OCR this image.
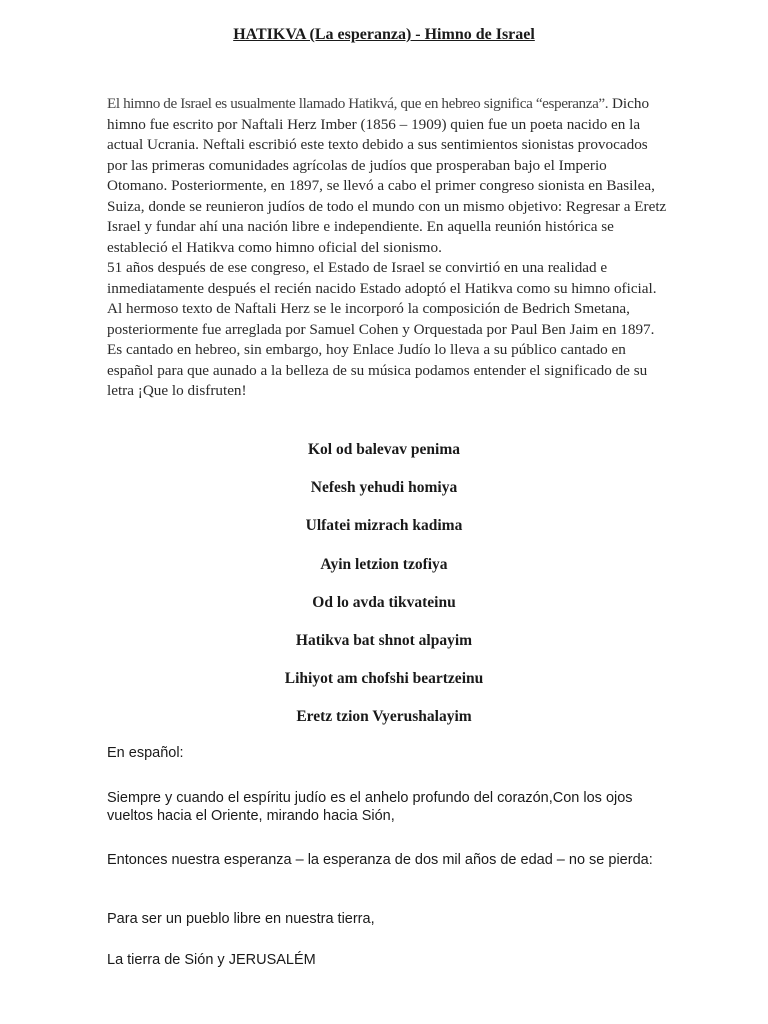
HATIKVA (La esperanza) - Himno de Israel

El himno de Israel es usualmente llamado Hatikvá, que en hebreo significa “esperanza”. Dicho himno fue escrito por Naftali Herz Imber (1856 – 1909) quien fue un poeta nacido en la actual Ucrania. Neftali escribió este texto debido a sus sentimientos sionistas provocados por las primeras comunidades agrícolas de judíos que prosperaban bajo el Imperio Otomano. Posteriormente, en 1897, se llevó a cabo el primer congreso sionista en Basilea, Suiza, donde se reunieron judíos de todo el mundo con un mismo objetivo: Regresar a Eretz Israel y fundar ahí una nación libre e independiente. En aquella reunión histórica se estableció el Hatikva como himno oficial del sionismo.

51 años después de ese congreso, el Estado de Israel se convirtió en una realidad e inmediatamente después el recién nacido Estado adoptó el Hatikva como su himno oficial. Al hermoso texto de Naftali Herz se le incorporó la composición de Bedrich Smetana, posteriormente fue arreglada por Samuel Cohen y Orquestada por Paul Ben Jaim en 1897. Es cantado en hebreo, sin embargo, hoy Enlace Judío lo lleva a su público cantado en español para que aunado a la belleza de su música podamos entender el significado de su letra ¡Que lo disfruten!

Kol od balevav penima
Nefesh yehudi homiya
Ulfatei mizrach kadima
Ayin letzion tzofiya
Od lo avda tikvateinu
Hatikva bat shnot alpayim
Lihiyot am chofshi beartzeinu
Eretz tzion Vyerushalayim

En español:

Siempre y cuando el espíritu judío es el anhelo profundo del corazón,Con los ojos vueltos hacia el Oriente, mirando hacia Sión,

Entonces nuestra esperanza – la esperanza de dos mil años de edad – no se pierda:

Para ser un pueblo libre en nuestra tierra,

La tierra de Sión y JERUSALÉM
